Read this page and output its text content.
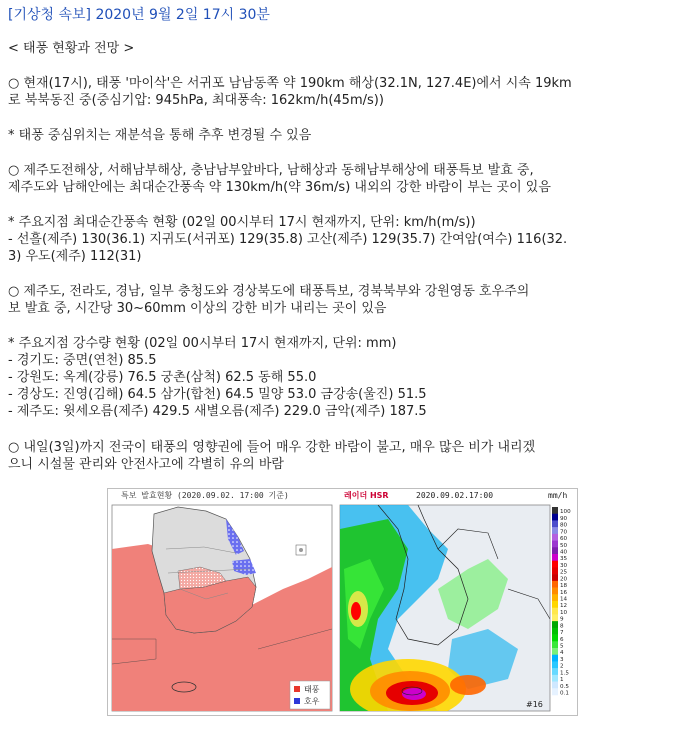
[기상청 속보] 2020년 9월 2일 17시 30분
< 태풍 현황과 전망 >
○ 현재(17시), 태풍 '마이삭'은 서귀포 남남동쪽 약 190km 해상(32.1N, 127.4E)에서 시속 19km
로 북북동진 중(중심기압: 945hPa, 최대풍속: 162km/h(45m/s))
* 태풍 중심위치는 재분석을 통해 추후 변경될 수 있음
○ 제주도전해상, 서해남부해상, 충남남부앞바다, 남해상과 동해남부해상에 태풍특보 발효 중,
제주도와 남해안에는 최대순간풍속 약 130km/h(약 36m/s) 내외의 강한 바람이 부는 곳이 있음
* 주요지점 최대순간풍속 현황 (02일 00시부터 17시 현재까지, 단위: km/h(m/s))
- 선흘(제주) 130(36.1) 지귀도(서귀포) 129(35.8) 고산(제주) 129(35.7) 간여암(여수) 116(32.
3) 우도(제주) 112(31)
○ 제주도, 전라도, 경남, 일부 충청도와 경상북도에 태풍특보, 경북북부와 강원영동 호우주의
보 발효 중, 시간당 30~60mm 이상의 강한 비가 내리는 곳이 있음
* 주요지점 강수량 현황 (02일 00시부터 17시 현재까지, 단위: mm)
- 경기도: 중면(연천) 85.5
- 강원도: 옥계(강릉) 76.5 궁촌(삼척) 62.5 동해 55.0
- 경상도: 진영(김해) 64.5 삼가(합천) 64.5 밀양 53.0 금강송(울진) 51.5
- 제주도: 윗세오름(제주) 429.5 새별오름(제주) 229.0 금악(제주) 187.5
○ 내일(3일)까지 전국이 태풍의 영향권에 들어 매우 강한 바람이 불고, 매우 많은 비가 내리겠
으니 시설물 관리와 안전사고에 각별히 유의 바람
특보 발효현황 (2020.09.02. 17:00 기준)
태풍
호우
레이더 HSR	2020.09.02.17:00	mm/h
100
90
80
70
60
50
40
35
30
25
20
18
16
14
12
10
9
8
7
6
5
4
3
2
1.5
1
0.5
0.1
#16
